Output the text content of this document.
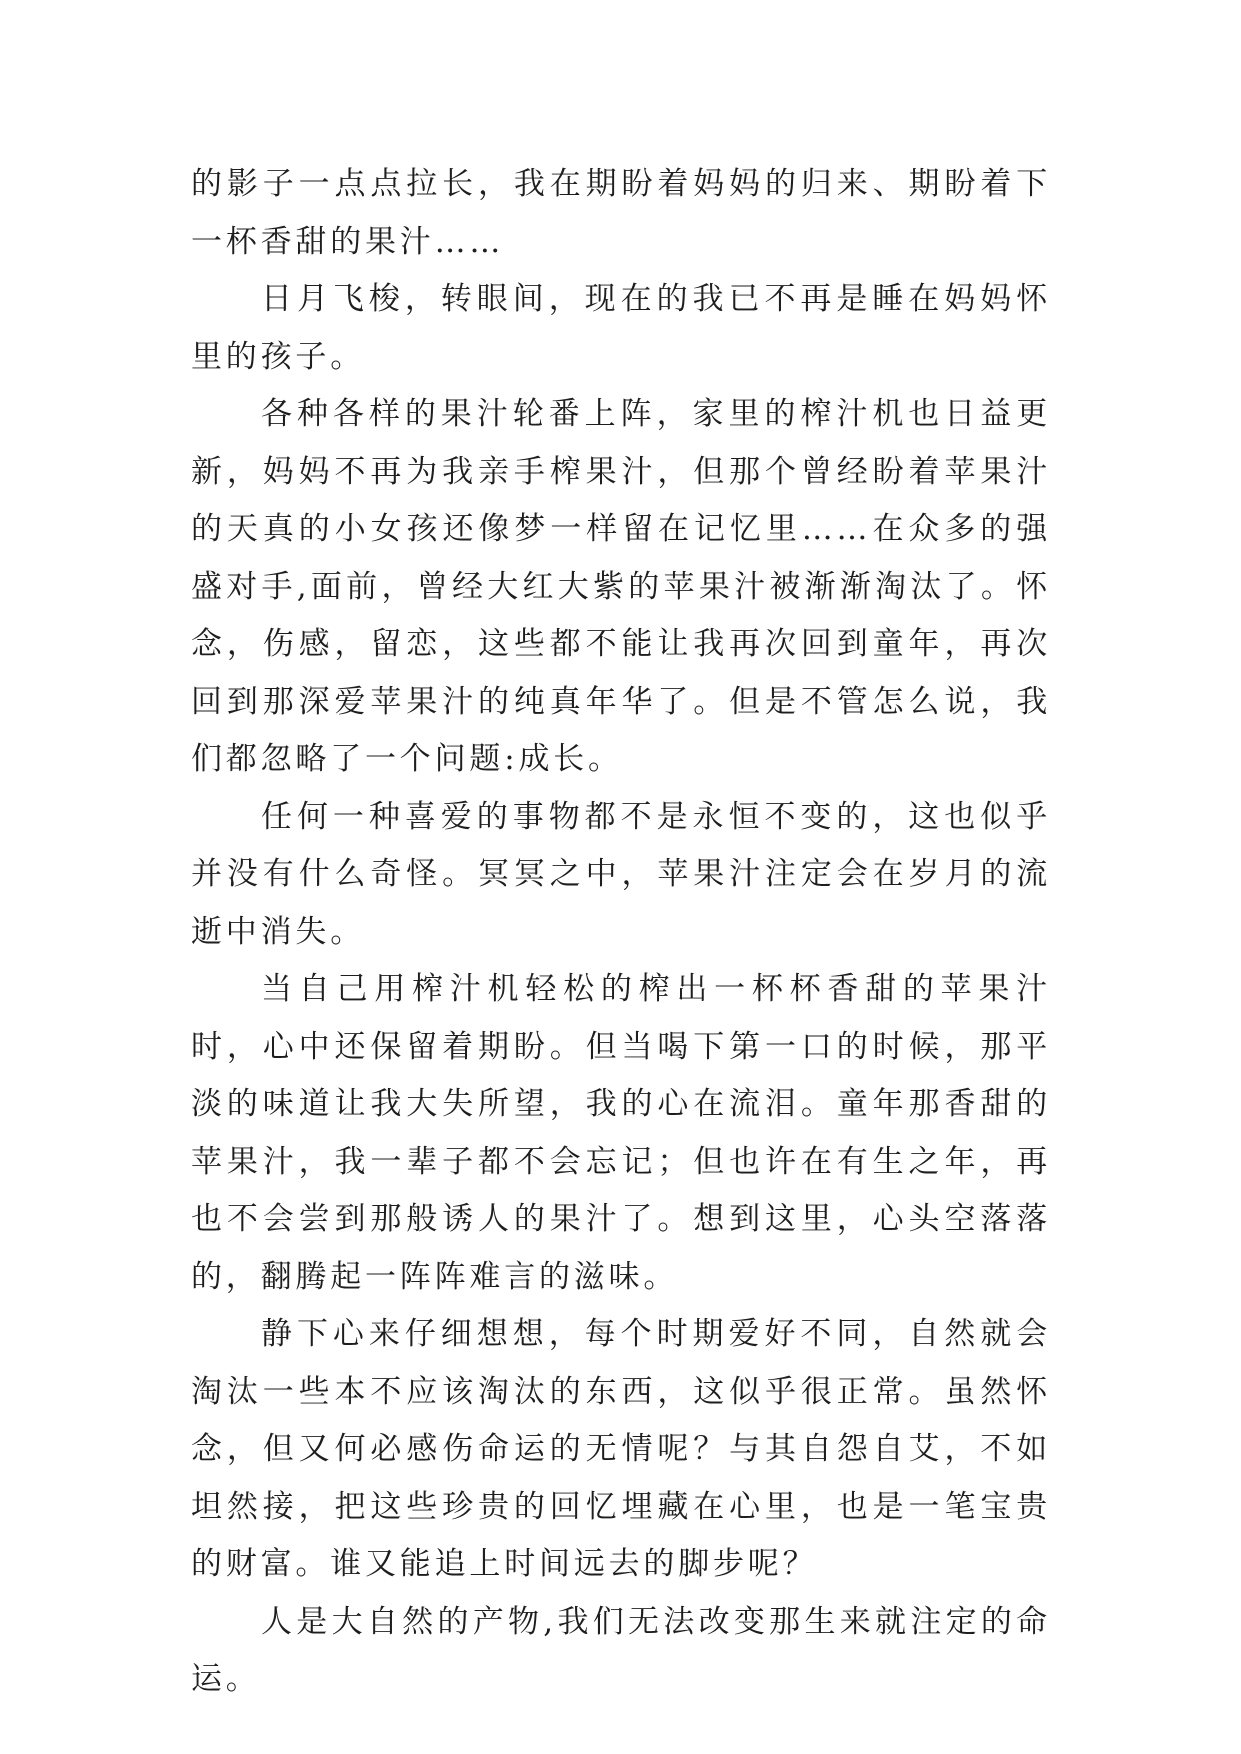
的影子一点点拉长，我在期盼着妈妈的归来、期盼着下一杯香甜的果汁……

日月飞梭，转眼间，现在的我已不再是睡在妈妈怀里的孩子。

各种各样的果汁轮番上阵，家里的榨汁机也日益更新，妈妈不再为我亲手榨果汁，但那个曾经盼着苹果汁的天真的小女孩还像梦一样留在记忆里……在众多的强盛对手,面前，曾经大红大紫的苹果汁被渐渐淘汰了。怀念，伤感，留恋，这些都不能让我再次回到童年，再次回到那深爱苹果汁的纯真年华了。但是不管怎么说，我们都忽略了一个问题:成长。

任何一种喜爱的事物都不是永恒不变的，这也似乎并没有什么奇怪。冥冥之中，苹果汁注定会在岁月的流逝中消失。

当自己用榨汁机轻松的榨出一杯杯香甜的苹果汁时，心中还保留着期盼。但当喝下第一口的时候，那平淡的味道让我大失所望，我的心在流泪。童年那香甜的苹果汁，我一辈子都不会忘记；但也许在有生之年，再也不会尝到那般诱人的果汁了。想到这里，心头空落落的，翻腾起一阵阵难言的滋味。

静下心来仔细想想，每个时期爱好不同，自然就会淘汰一些本不应该淘汰的东西，这似乎很正常。虽然怀念，但又何必感伤命运的无情呢？与其自怨自艾，不如坦然接，把这些珍贵的回忆埋藏在心里，也是一笔宝贵的财富。谁又能追上时间远去的脚步呢？

人是大自然的产物,我们无法改变那生来就注定的命运。
